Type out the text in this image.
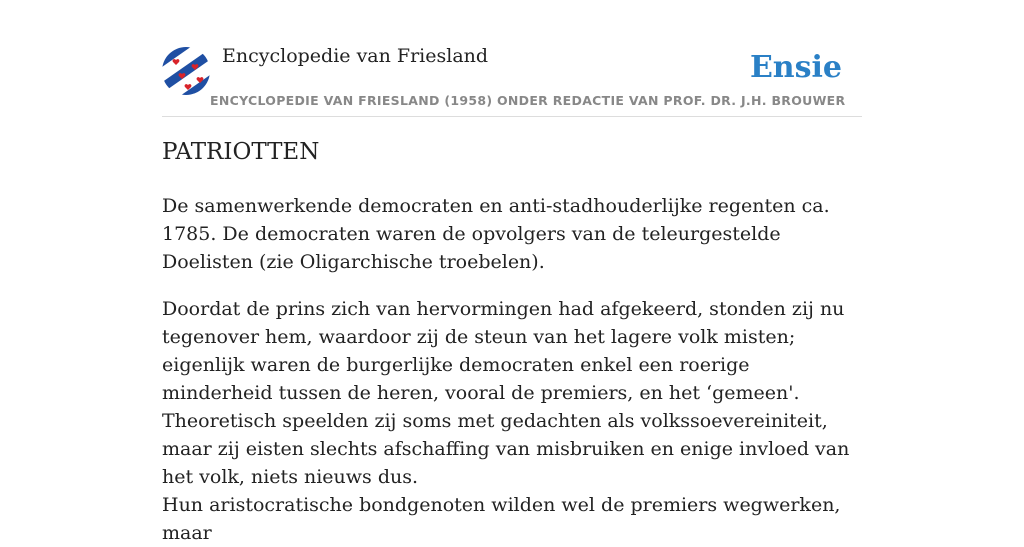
Encyclopedie van Friesland
ENCYCLOPEDIE VAN FRIESLAND (1958) ONDER REDACTIE VAN PROF. DR. J.H. BROUWER
Ensie
PATRIOTTEN

De samenwerkende democraten en anti-stadhouderlijke regenten ca. 1785. De democraten waren de opvolgers van de teleurgestelde Doelisten (zie Oligarchische troebelen).

Doordat de prins zich van hervormingen had afgekeerd, stonden zij nu tegenover hem, waardoor zij de steun van het lagere volk misten; eigenlijk waren de burgerlijke democraten enkel een roerige minderheid tussen de heren, vooral de premiers, en het ‘gemeen'. Theoretisch speelden zij soms met gedachten als volkssoevereiniteit, maar zij eisten slechts afschaffing van misbruiken en enige invloed van het volk, niets nieuws dus.

Hun aristocratische bondgenoten wilden wel de premiers wegwerken, maar
